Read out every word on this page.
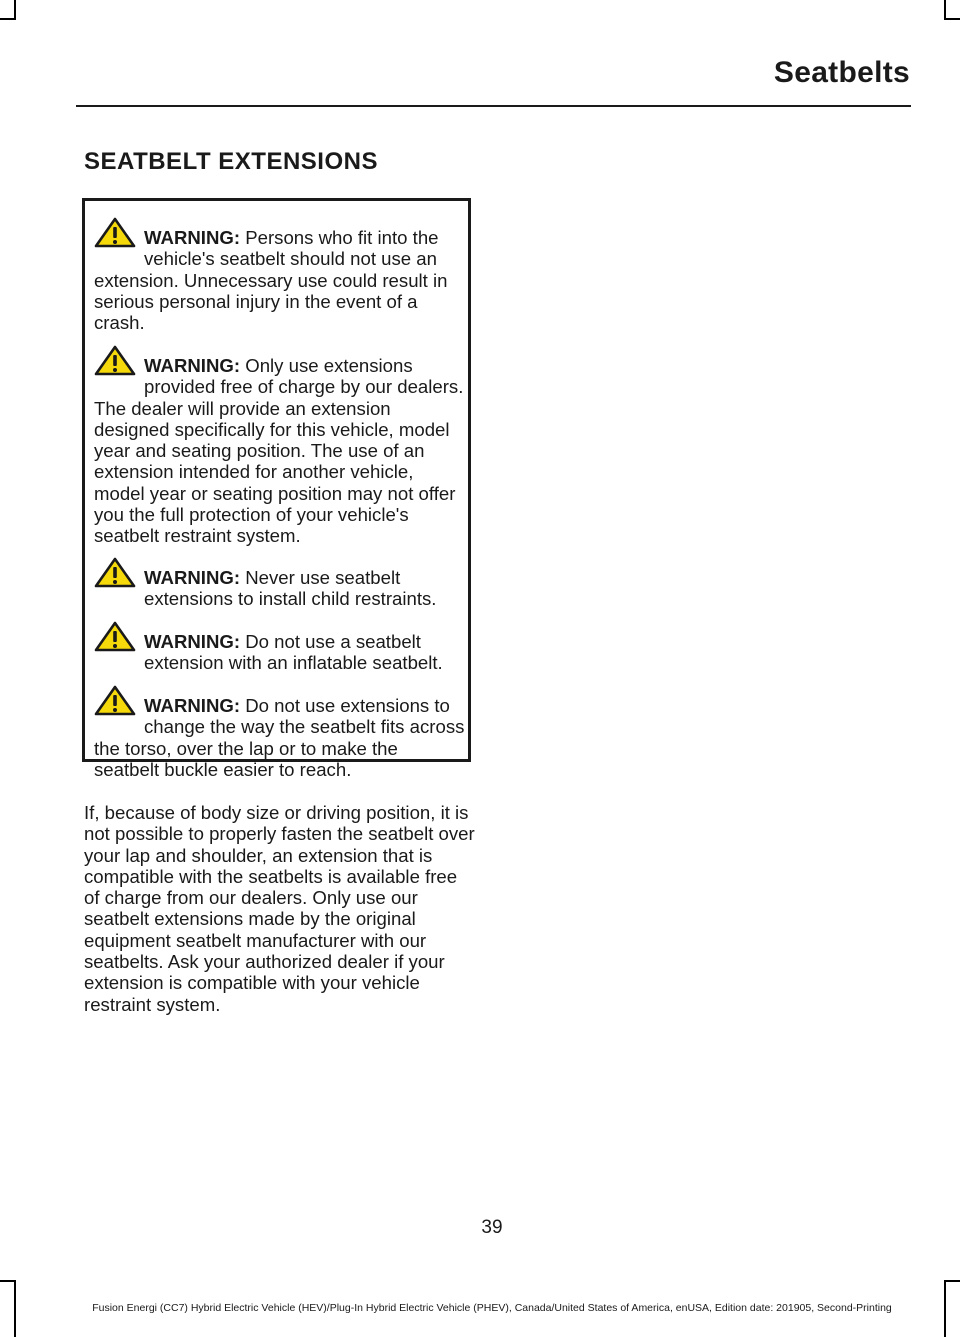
Seatbelts
SEATBELT EXTENSIONS

WARNING: Persons who fit into the vehicle's seatbelt should not use an extension. Unnecessary use could result in serious personal injury in the event of a crash.

WARNING: Only use extensions provided free of charge by our dealers. The dealer will provide an extension designed specifically for this vehicle, model year and seating position. The use of an extension intended for another vehicle, model year or seating position may not offer you the full protection of your vehicle's seatbelt restraint system.

WARNING: Never use seatbelt extensions to install child restraints.

WARNING: Do not use a seatbelt extension with an inflatable seatbelt.

WARNING: Do not use extensions to change the way the seatbelt fits across the torso, over the lap or to make the seatbelt buckle easier to reach.

If, because of body size or driving position, it is not possible to properly fasten the seatbelt over your lap and shoulder, an extension that is compatible with the seatbelts is available free of charge from our dealers. Only use our seatbelt extensions made by the original equipment seatbelt manufacturer with our seatbelts. Ask your authorized dealer if your extension is compatible with your vehicle restraint system.

39
Fusion Energi (CC7) Hybrid Electric Vehicle (HEV)/Plug-In Hybrid Electric Vehicle (PHEV), Canada/United States of America, enUSA, Edition date: 201905, Second-Printing
